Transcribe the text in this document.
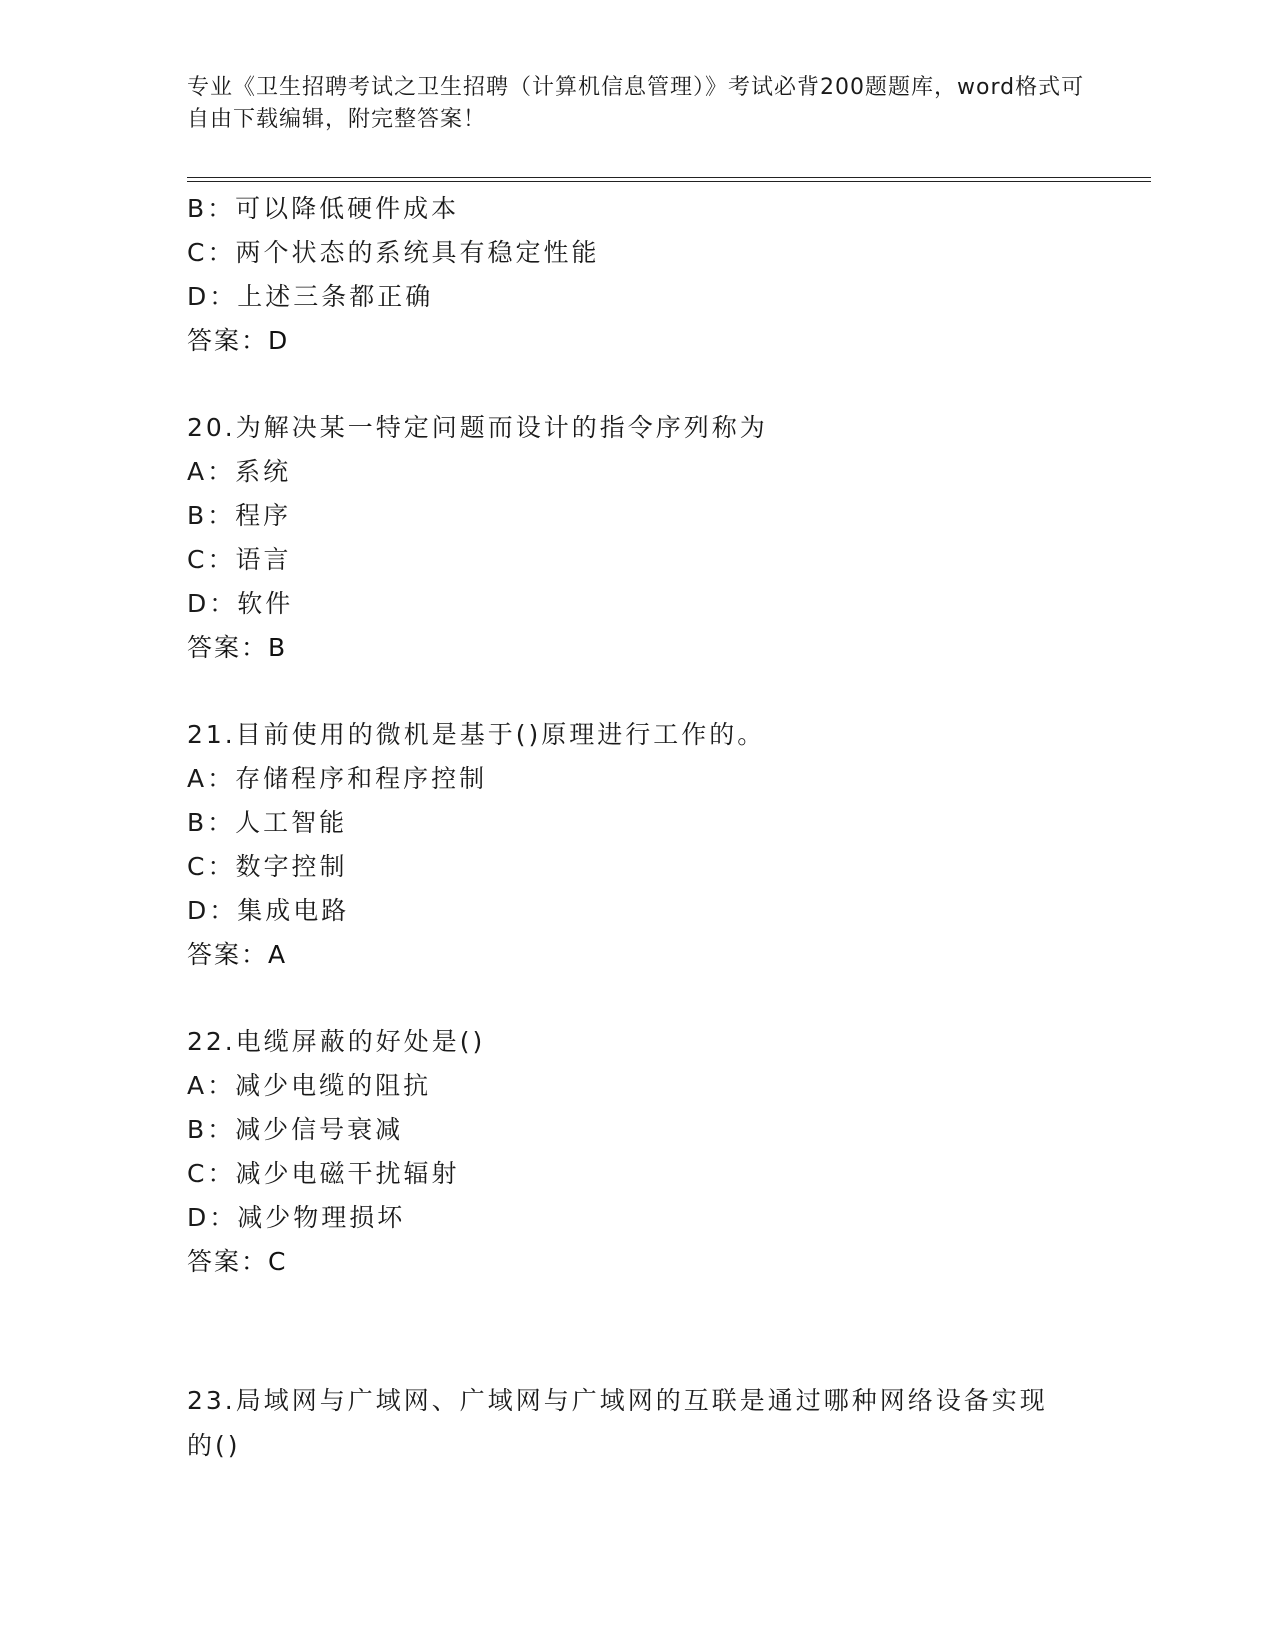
专业《卫生招聘考试之卫生招聘（计算机信息管理）》考试必背200题题库，word格式可自由下载编辑，附完整答案！
B：可以降低硬件成本
C：两个状态的系统具有稳定性能
D：上述三条都正确
答案：D
20.为解决某一特定问题而设计的指令序列称为
A：系统
B：程序
C：语言
D：软件
答案：B
21.目前使用的微机是基于()原理进行工作的。
A：存储程序和程序控制
B：人工智能
C：数字控制
D：集成电路
答案：A
22.电缆屏蔽的好处是()
A：减少电缆的阻抗
B：减少信号衰减
C：减少电磁干扰辐射
D：减少物理损坏
答案：C
23.局域网与广域网、广域网与广域网的互联是通过哪种网络设备实现的()
